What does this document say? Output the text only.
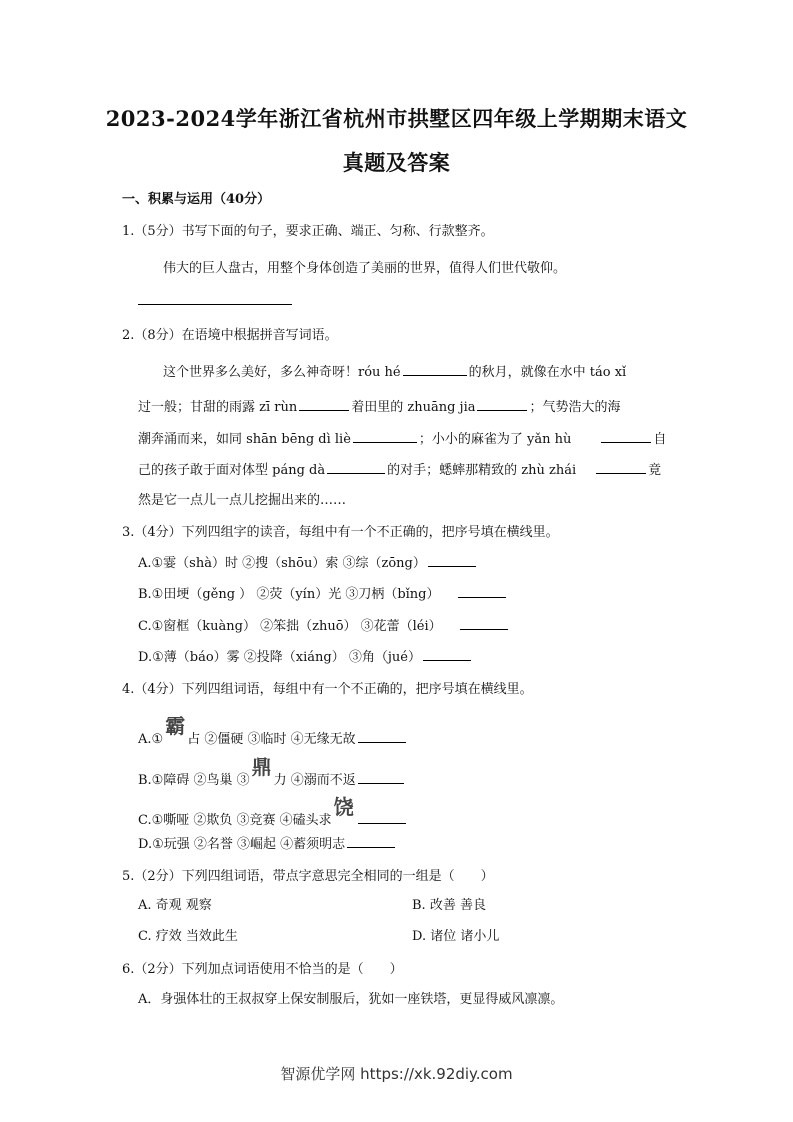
2023-2024学年浙江省杭州市拱墅区四年级上学期期末语文
真题及答案
一、积累与运用（40分）
1.（5分）书写下面的句子，要求正确、端正、匀称、行款整齐。
伟大的巨人盘古，用整个身体创造了美丽的世界，值得人们世代敬仰。
2.（8分）在语境中根据拼音写词语。
这个世界多么美好，多么神奇呀！róu hé	的秋月，就像在水中 táo xǐ
过一般；甘甜的雨露 zī rùn	着田里的 zhuāng jia	；气势浩大的海
潮奔涌而来，如同 shān bēng dì liè	；小小的麻雀为了 yǎn hù	自
己的孩子敢于面对体型 páng dà	的对手；蟋蟀那精致的 zhù zhái	竟
然是它一点儿一点儿挖掘出来的……
3.（4分）下列四组字的读音，每组中有一个不正确的，把序号填在横线里。
A.①霎（shà）时 ②搜（shōu）索 ③综（zōng）
B.①田埂（gěng ） ②荧（yín）光 ③刀柄（bǐng）
C.①窗框（kuàng） ②笨拙（zhuō） ③花蕾（léi）
D.①薄（báo）雾 ②投降（xiáng） ③角（jué）
4.（4分）下列四组词语，每组中有一个不正确的，把序号填在横线里。
A.①霸占 ②僵硬 ③临时 ④无缘无故
B.①障碍 ②鸟巢 ③鼎力 ④溺而不返
C.①嘶哑 ②欺负 ③竞赛 ④磕头求饶
D.①玩强 ②名誉 ③崛起 ④蓄须明志
5.（2分）下列四组词语，带点字意思完全相同的一组是（　　）
A. 奇观 观察	B. 改善 善良
C. 疗效 当效此生	D. 诸位 诸小儿
6.（2分）下列加点词语使用不恰当的是（　　）
A．身强体壮的王叔叔穿上保安制服后，犹如一座铁塔，更显得威风凛凛。
智源优学网 https://xk.92diy.com
